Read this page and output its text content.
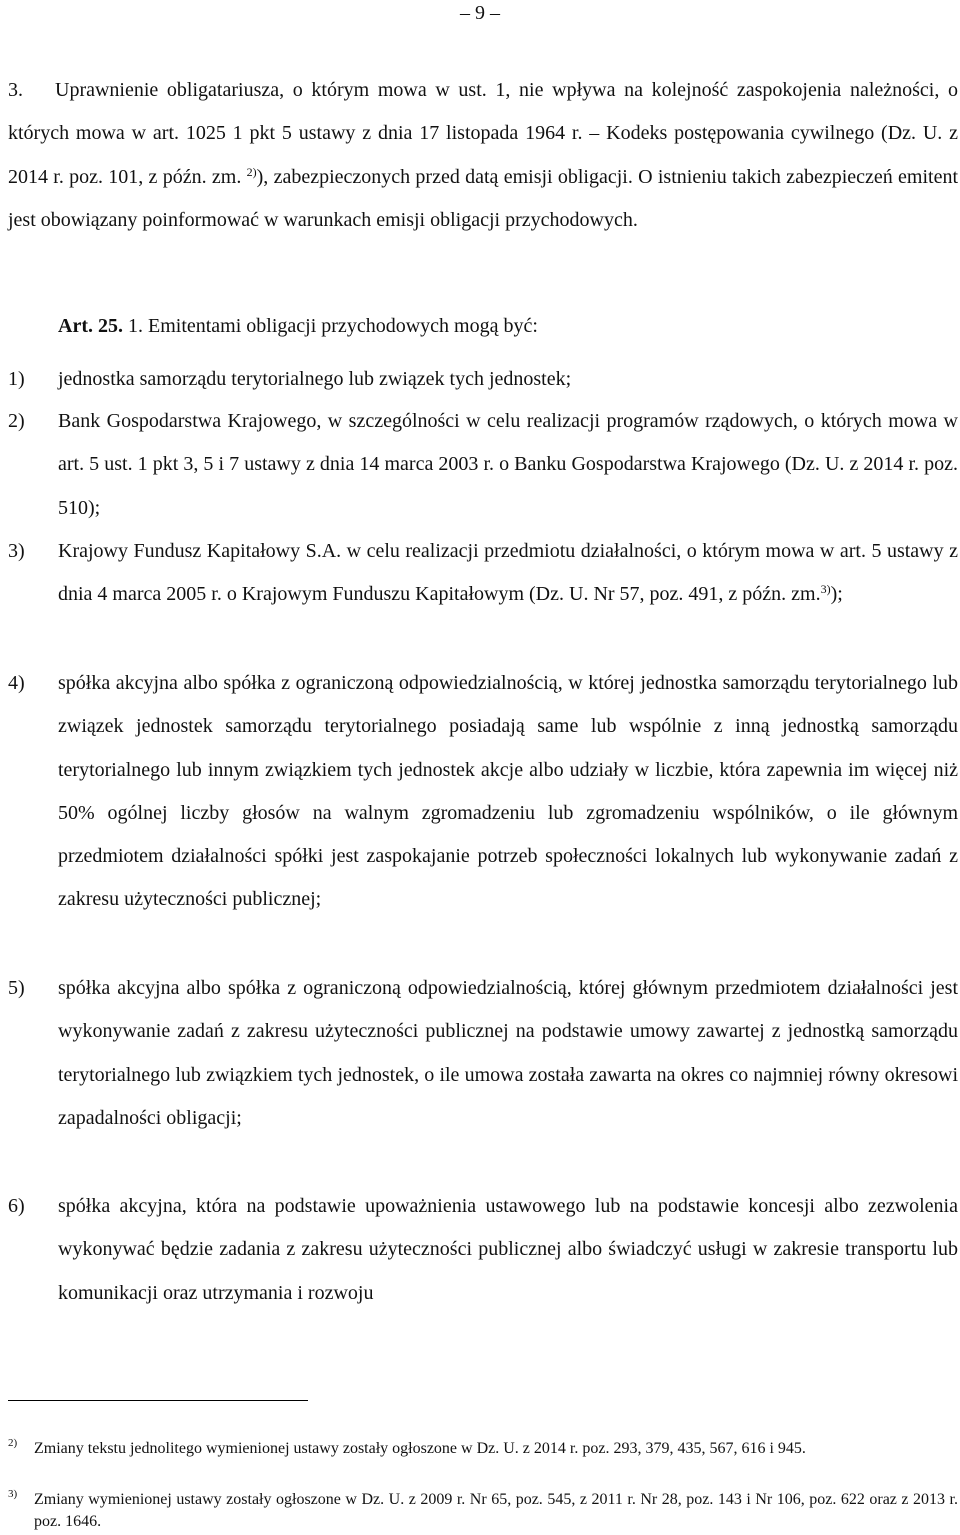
– 9 –
3. Uprawnienie obligatariusza, o którym mowa w ust. 1, nie wpływa na kolejność zaspokojenia należności, o których mowa w art. 1025 1 pkt 5 ustawy z dnia 17 listopada 1964 r. – Kodeks postępowania cywilnego (Dz. U. z 2014 r. poz. 101, z późn. zm. $^{2)}$), zabezpieczonych przed datą emisji obligacji. O istnieniu takich zabezpieczeń emitent jest obowiązany poinformować w warunkach emisji obligacji przychodowych.
Art. 25. 1. Emitentami obligacji przychodowych mogą być:
1)	jednostka samorządu terytorialnego lub związek tych jednostek;
2)	Bank Gospodarstwa Krajowego, w szczególności w celu realizacji programów rządowych, o których mowa w art. 5 ust. 1 pkt 3, 5 i 7 ustawy z dnia 14 marca 2003 r. o Banku Gospodarstwa Krajowego (Dz. U. z 2014 r. poz. 510);
3)	Krajowy Fundusz Kapitałowy S.A. w celu realizacji przedmiotu działalności, o którym mowa w art. 5 ustawy z dnia 4 marca 2005 r. o Krajowym Funduszu Kapitałowym (Dz. U. Nr 57, poz. 491, z późn. zm.$^{3)}$);
4)	spółka akcyjna albo spółka z ograniczoną odpowiedzialnością, w której jednostka samorządu terytorialnego lub związek jednostek samorządu terytorialnego posiadają same lub wspólnie z inną jednostką samorządu terytorialnego lub innym związkiem tych jednostek akcje albo udziały w liczbie, która zapewnia im więcej niż 50% ogólnej liczby głosów na walnym zgromadzeniu lub zgromadzeniu wspólników, o ile głównym przedmiotem działalności spółki jest zaspokajanie potrzeb społeczności lokalnych lub wykonywanie zadań z zakresu użyteczności publicznej;
5)	spółka akcyjna albo spółka z ograniczoną odpowiedzialnością, której głównym przedmiotem działalności jest wykonywanie zadań z zakresu użyteczności publicznej na podstawie umowy zawartej z jednostką samorządu terytorialnego lub związkiem tych jednostek, o ile umowa została zawarta na okres co najmniej równy okresowi zapadalności obligacji;
6)	spółka akcyjna, która na podstawie upoważnienia ustawowego lub na podstawie koncesji albo zezwolenia wykonywać będzie zadania z zakresu użyteczności publicznej albo świadczyć usługi w zakresie transportu lub komunikacji oraz utrzymania i rozwoju
2) Zmiany tekstu jednolitego wymienionej ustawy zostały ogłoszone w Dz. U. z 2014 r. poz. 293, 379, 435, 567, 616 i 945.
3) Zmiany wymienionej ustawy zostały ogłoszone w Dz. U. z 2009 r. Nr 65, poz. 545, z 2011 r. Nr 28, poz. 143 i Nr 106, poz. 622 oraz z 2013 r. poz. 1646.
